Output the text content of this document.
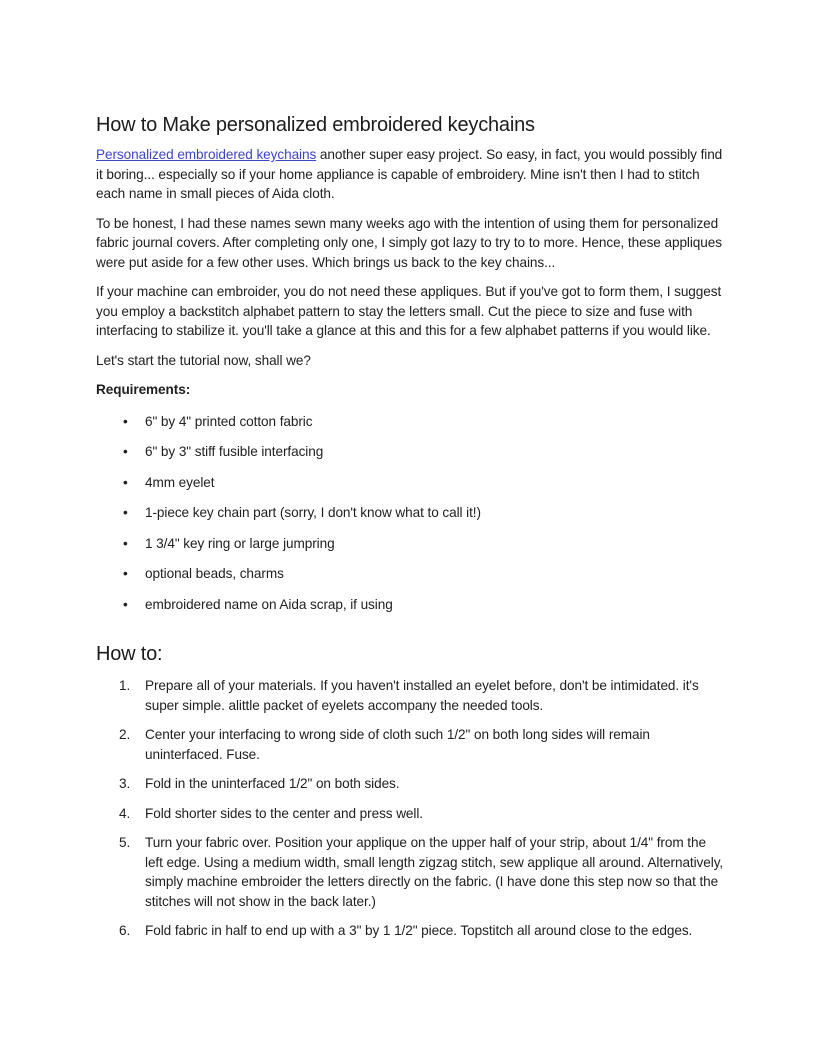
How to Make personalized embroidered keychains

Personalized embroidered keychains another super easy project. So easy, in fact, you would possibly find it boring... especially so if your home appliance is capable of embroidery. Mine isn't then I had to stitch each name in small pieces of Aida cloth.

To be honest, I had these names sewn many weeks ago with the intention of using them for personalized fabric journal covers. After completing only one, I simply got lazy to try to to more. Hence, these appliques were put aside for a few other uses. Which brings us back to the key chains...

If your machine can embroider, you do not need these appliques. But if you've got to form them, I suggest you employ a backstitch alphabet pattern to stay the letters small. Cut the piece to size and fuse with interfacing to stabilize it. you'll take a glance at this and this for a few alphabet patterns if you would like.

Let's start the tutorial now, shall we?

Requirements:

•	6" by 4" printed cotton fabric
•	6" by 3" stiff fusible interfacing
•	4mm eyelet
•	1-piece key chain part (sorry, I don't know what to call it!)
•	1 3/4" key ring or large jumpring
•	optional beads, charms
•	embroidered name on Aida scrap, if using
How to:
1.	Prepare all of your materials. If you haven't installed an eyelet before, don't be intimidated. it's super simple. alittle packet of eyelets accompany the needed tools.
2.	Center your interfacing to wrong side of cloth such 1/2" on both long sides will remain uninterfaced. Fuse.
3.	Fold in the uninterfaced 1/2" on both sides.
4.	Fold shorter sides to the center and press well.
5.	Turn your fabric over. Position your applique on the upper half of your strip, about 1/4" from the left edge. Using a medium width, small length zigzag stitch, sew applique all around. Alternatively, simply machine embroider the letters directly on the fabric. (I have done this step now so that the stitches will not show in the back later.)
6.	Fold fabric in half to end up with a 3" by 1 1/2" piece. Topstitch all around close to the edges.
